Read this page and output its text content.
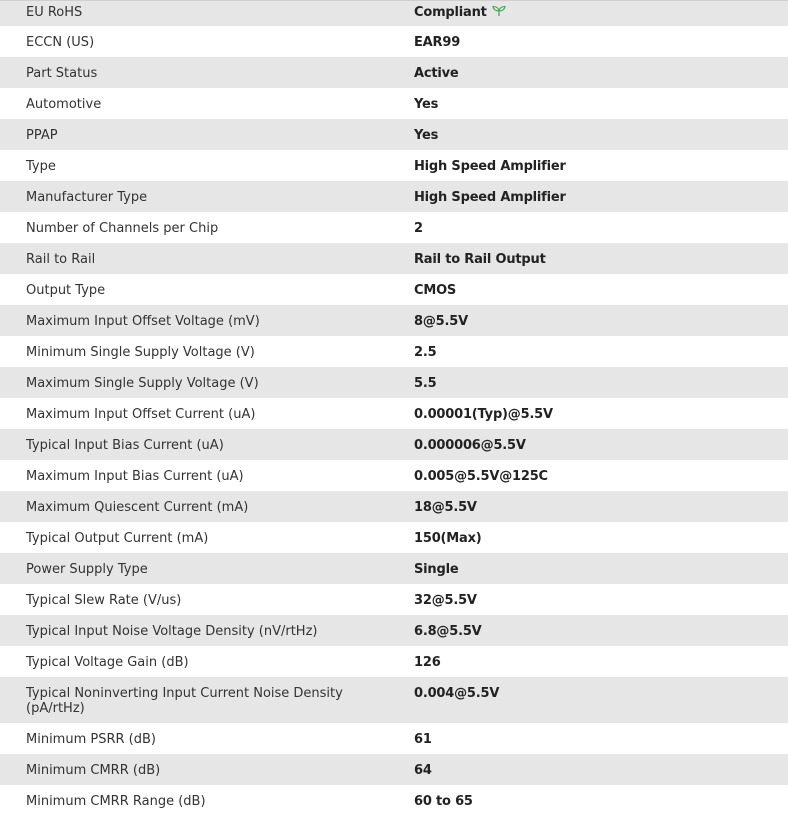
EU RoHS	Compliant
ECCN (US)	EAR99
Part Status	Active
Automotive	Yes
PPAP	Yes
Type	High Speed Amplifier
Manufacturer Type	High Speed Amplifier
Number of Channels per Chip	2
Rail to Rail	Rail to Rail Output
Output Type	CMOS
Maximum Input Offset Voltage (mV)	8@5.5V
Minimum Single Supply Voltage (V)	2.5
Maximum Single Supply Voltage (V)	5.5
Maximum Input Offset Current (uA)	0.00001(Typ)@5.5V
Typical Input Bias Current (uA)	0.000006@5.5V
Maximum Input Bias Current (uA)	0.005@5.5V@125C
Maximum Quiescent Current (mA)	18@5.5V
Typical Output Current (mA)	150(Max)
Power Supply Type	Single
Typical Slew Rate (V/us)	32@5.5V
Typical Input Noise Voltage Density (nV/rtHz)	6.8@5.5V
Typical Voltage Gain (dB)	126
Typical Noninverting Input Current Noise Density (pA/rtHz)	0.004@5.5V
Minimum PSRR (dB)	61
Minimum CMRR (dB)	64
Minimum CMRR Range (dB)	60 to 65
